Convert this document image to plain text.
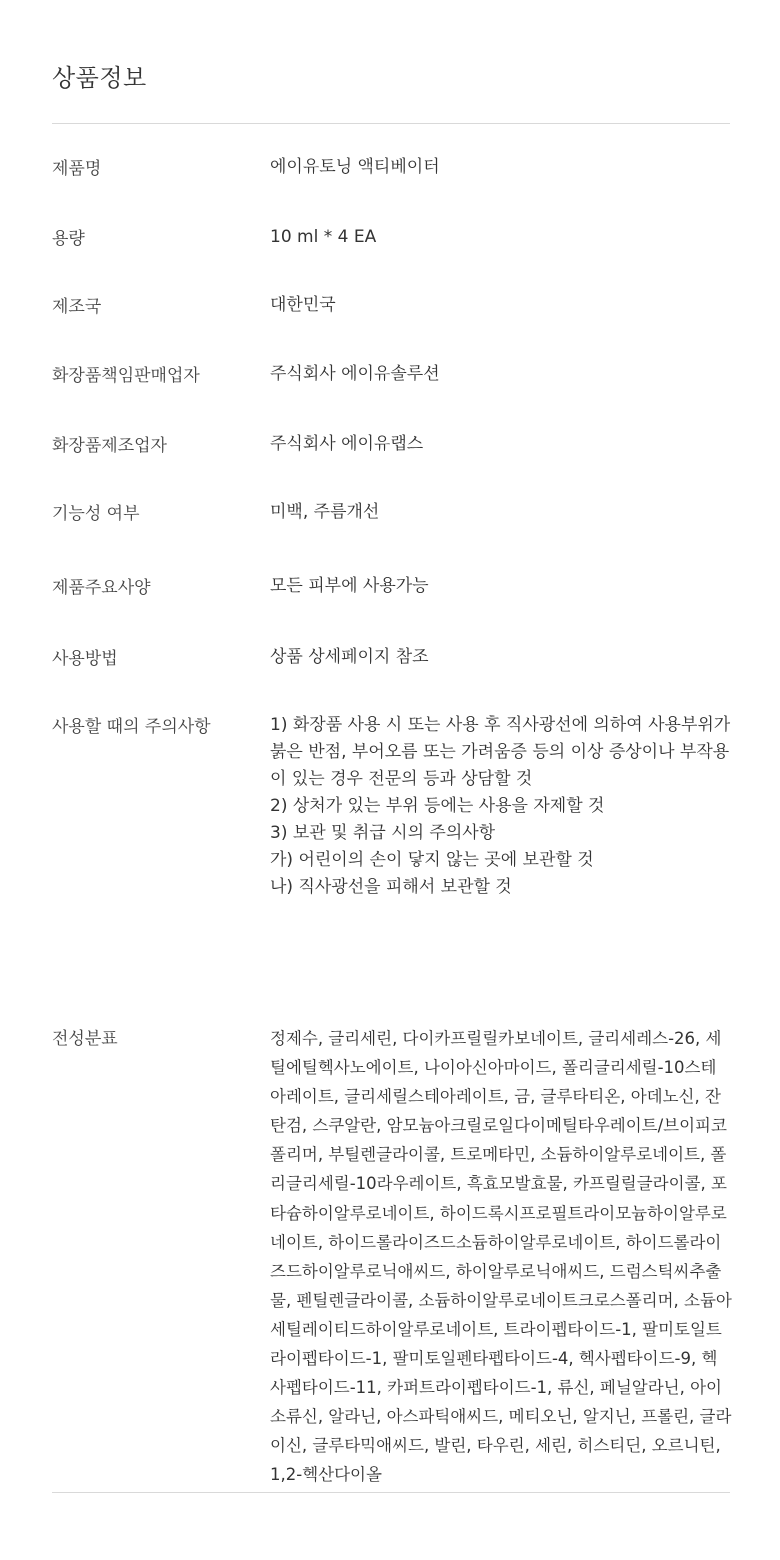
상품정보
제품명	에이유토닝 액티베이터
용량	10 ml * 4 EA
제조국	대한민국
화장품책임판매업자	주식회사 에이유솔루션
화장품제조업자	주식회사 에이유랩스
기능성 여부	미백, 주름개선
제품주요사양	모든 피부에 사용가능
사용방법	상품 상세페이지 참조
사용할 때의 주의사항	1) 화장품 사용 시 또는 사용 후 직사광선에 의하여 사용부위가
붉은 반점, 부어오름 또는 가려움증 등의 이상 증상이나 부작용
이 있는 경우 전문의 등과 상담할 것
2) 상처가 있는 부위 등에는 사용을 자제할 것
3) 보관 및 취급 시의 주의사항
가) 어린이의 손이 닿지 않는 곳에 보관할 것
나) 직사광선을 피해서 보관할 것
전성분표	정제수, 글리세린, 다이카프릴릴카보네이트, 글리세레스-26, 세틸에틸헥사노에이트, 나이아신아마이드, 폴리글리세릴-10스테아레이트, 글리세릴스테아레이트, 금, 글루타티온, 아데노신, 잔탄검, 스쿠알란, 암모늄아크릴로일다이메틸타우레이트/브이피코폴리머, 부틸렌글라이콜, 트로메타민, 소듐하이알루로네이트, 폴리글리세릴-10라우레이트, 흑효모발효물, 카프릴릴글라이콜, 포타슘하이알루로네이트, 하이드록시프로필트라이모늄하이알루로네이트, 하이드롤라이즈드소듐하이알루로네이트, 하이드롤라이즈드하이알루로닉애씨드, 하이알루로닉애씨드, 드럼스틱씨추출물, 펜틸렌글라이콜, 소듐하이알루로네이트크로스폴리머, 소듐아세틸레이티드하이알루로네이트, 트라이펩타이드-1, 팔미토일트라이펩타이드-1, 팔미토일펜타펩타이드-4, 헥사펩타이드-9, 헥사펩타이드-11, 카퍼트라이펩타이드-1, 류신, 페닐알라닌, 아이소류신, 알라닌, 아스파틱애씨드, 메티오닌, 알지닌, 프롤린, 글라이신, 글루타믹애씨드, 발린, 타우린, 세린, 히스티딘, 오르니틴, 1,2-헥산다이올
